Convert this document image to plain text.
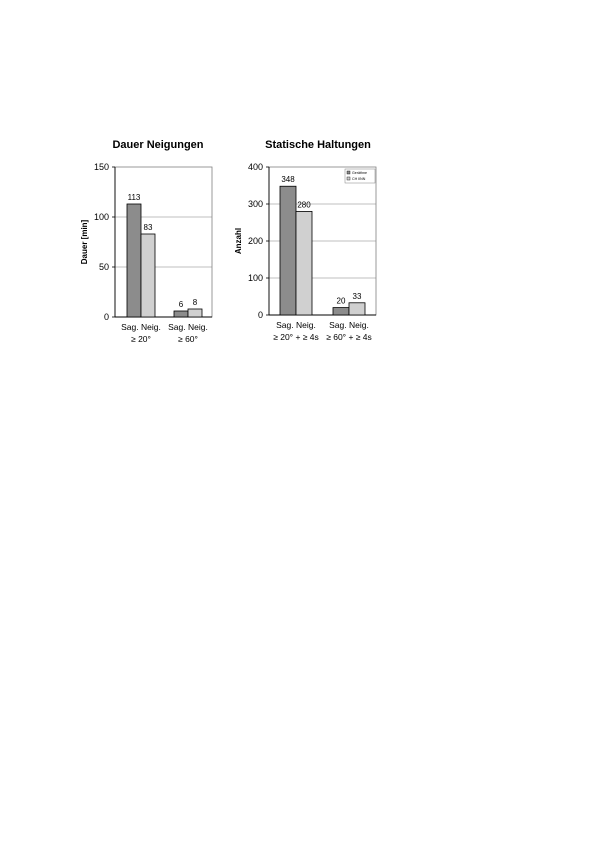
Dauer Neigungen
0
50
100
150
Dauer [min]
113
83
Sag. Neig.
≥ 20°
6 8
Sag. Neig.
≥ 60°
Statische Haltungen
0
100
200
300
400
Anzahl
348
280
Sag. Neig.
≥ 20° + ≥ 4s
20
33
Sag. Neig.
≥ 60° + ≥ 4s
Geräthne
CH IINN
